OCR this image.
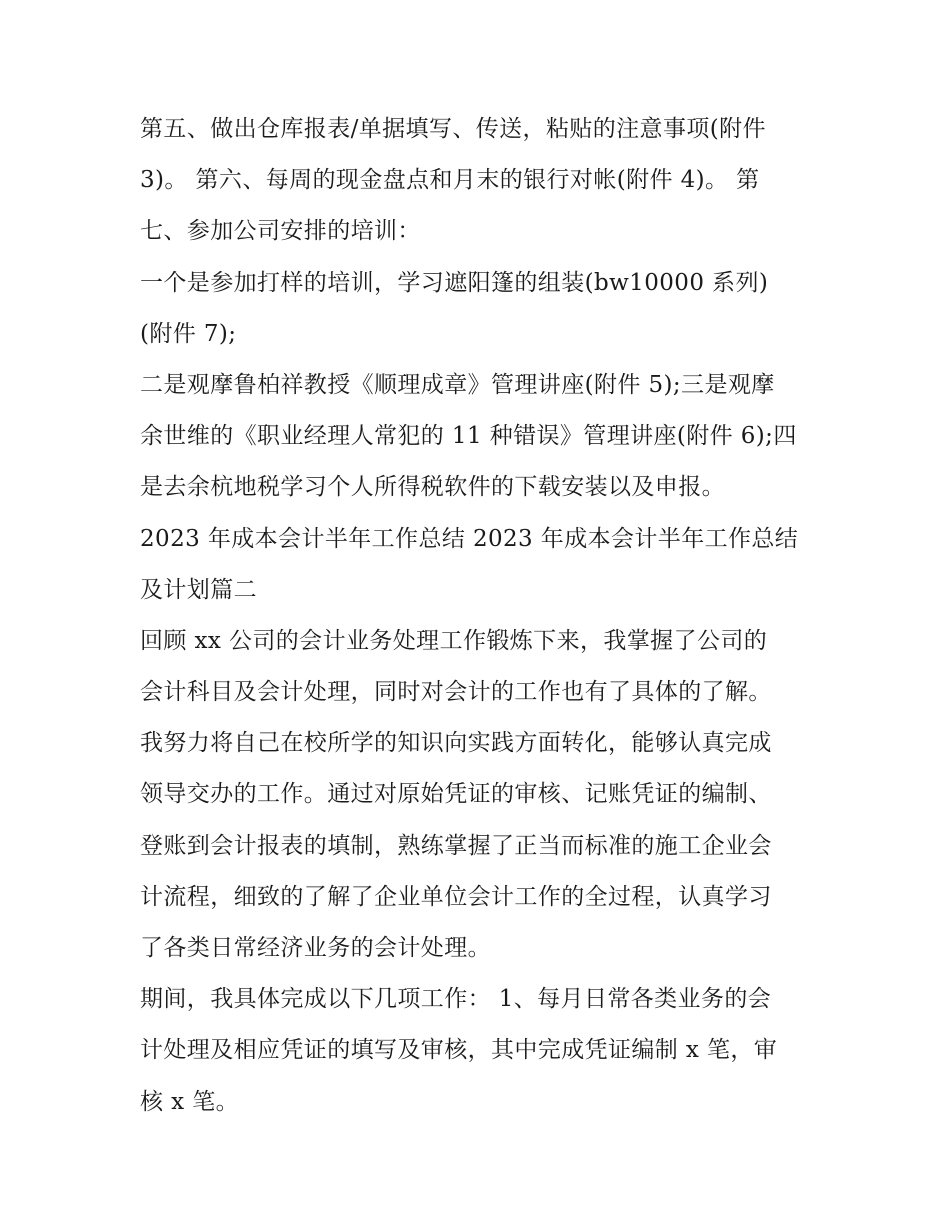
第五、做出仓库报表/单据填写、传送，粘贴的注意事项(附件
3)。 第六、每周的现金盘点和月末的银行对帐(附件 4)。 第
七、参加公司安排的培训：
一个是参加打样的培训，学习遮阳篷的组装(bw10000 系列)
(附件 7);
二是观摩鲁柏祥教授《顺理成章》管理讲座(附件 5);三是观摩
余世维的《职业经理人常犯的 11 种错误》管理讲座(附件 6);四
是去余杭地税学习个人所得税软件的下载安装以及申报。
2023 年成本会计半年工作总结 2023 年成本会计半年工作总结
及计划篇二
回顾 xx 公司的会计业务处理工作锻炼下来，我掌握了公司的
会计科目及会计处理，同时对会计的工作也有了具体的了解。
我努力将自己在校所学的知识向实践方面转化，能够认真完成
领导交办的工作。通过对原始凭证的审核、记账凭证的编制、
登账到会计报表的填制，熟练掌握了正当而标准的施工企业会
计流程，细致的了解了企业单位会计工作的全过程，认真学习
了各类日常经济业务的会计处理。
期间，我具体完成以下几项工作： 1、每月日常各类业务的会
计处理及相应凭证的填写及审核，其中完成凭证编制 x 笔，审
核 x 笔。
